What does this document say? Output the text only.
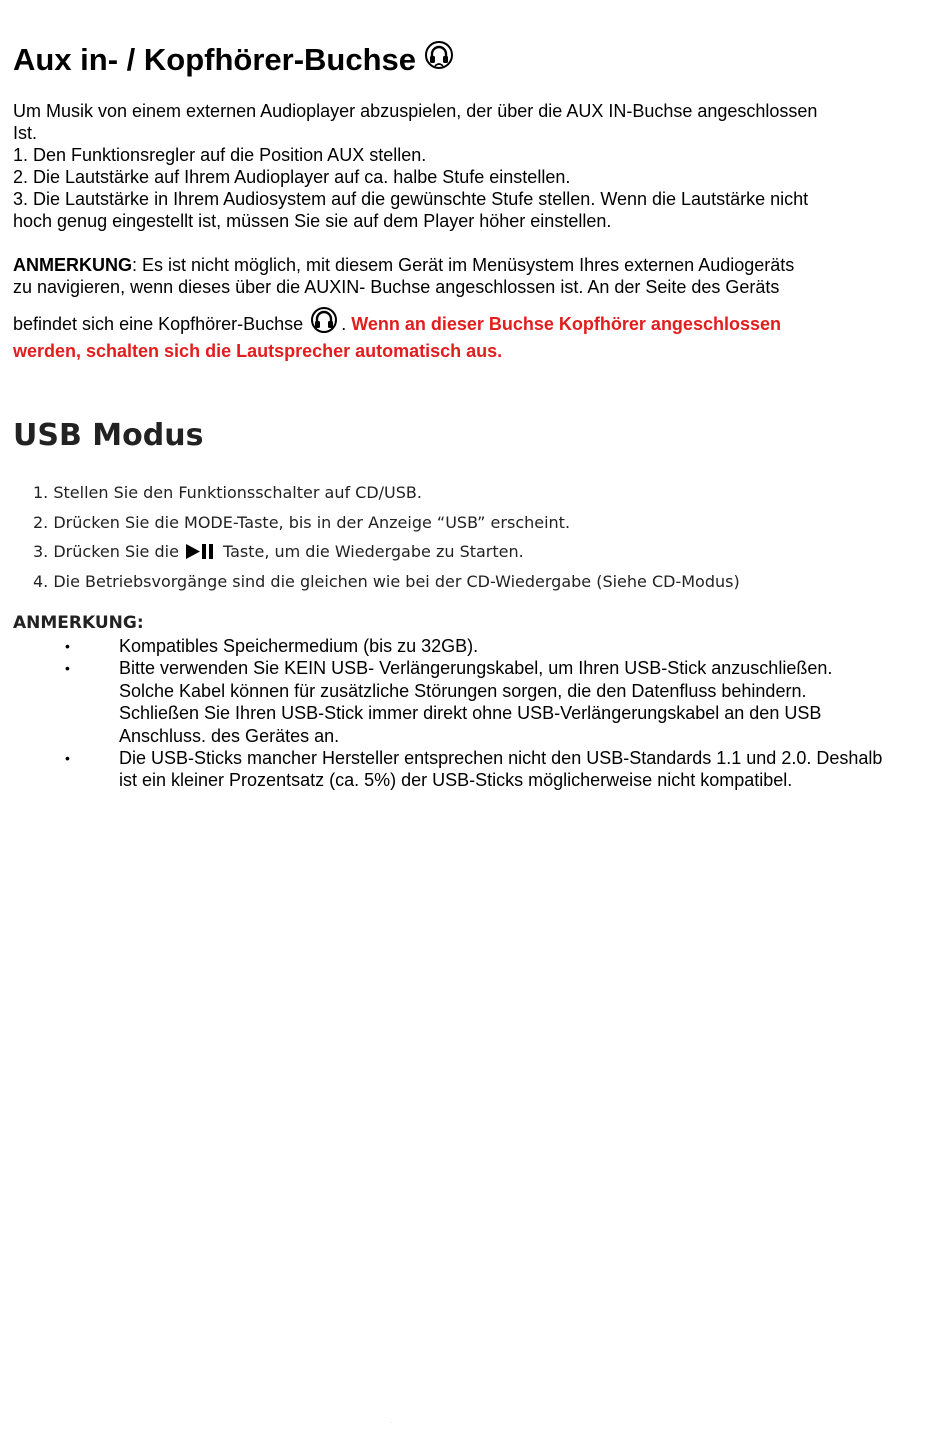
Aux in- / Kopfhörer-Buchse

Um Musik von einem externen Audioplayer abzuspielen, der über die AUX IN-Buchse angeschlossen

Ist.

1. Den Funktionsregler auf die Position AUX stellen.

2. Die Lautstärke auf Ihrem Audioplayer auf ca. halbe Stufe einstellen.

3. Die Lautstärke in Ihrem Audiosystem auf die gewünschte Stufe stellen. Wenn die Lautstärke nicht

hoch genug eingestellt ist, müssen Sie sie auf dem Player höher einstellen.

ANMERKUNG: Es ist nicht möglich, mit diesem Gerät im Menüsystem Ihres externen Audiogeräts

zu navigieren, wenn dieses über die AUXIN- Buchse angeschlossen ist. An der Seite des Geräts

befindet sich eine Kopfhörer-Buchse . Wenn an dieser Buchse Kopfhörer angeschlossen

werden, schalten sich die Lautsprecher automatisch aus.

USB Modus
1. Stellen Sie den Funktionsschalter auf CD/USB.
2. Drücken Sie die MODE-Taste, bis in der Anzeige “USB” erscheint.
3. Drücken Sie die	Taste, um die Wiedergabe zu Starten.
4. Die Betriebsvorgänge sind die gleichen wie bei der CD-Wiedergabe (Siehe CD-Modus)

ANMERKUNG:

•	Kompatibles Speichermedium (bis zu 32GB).
•	Bitte verwenden Sie KEIN USB- Verlängerungskabel, um Ihren USB-Stick anzuschließen. Solche Kabel können für zusätzliche Störungen sorgen, die den Datenfluss behindern. Schließen Sie Ihren USB-Stick immer direkt ohne USB-Verlängerungskabel an den USB Anschluss. des Gerätes an.
•	Die USB-Sticks mancher Hersteller entsprechen nicht den USB-Standards 1.1 und 2.0. Deshalb ist ein kleiner Prozentsatz (ca. 5%) der USB-Sticks möglicherweise nicht kompatibel.
.
